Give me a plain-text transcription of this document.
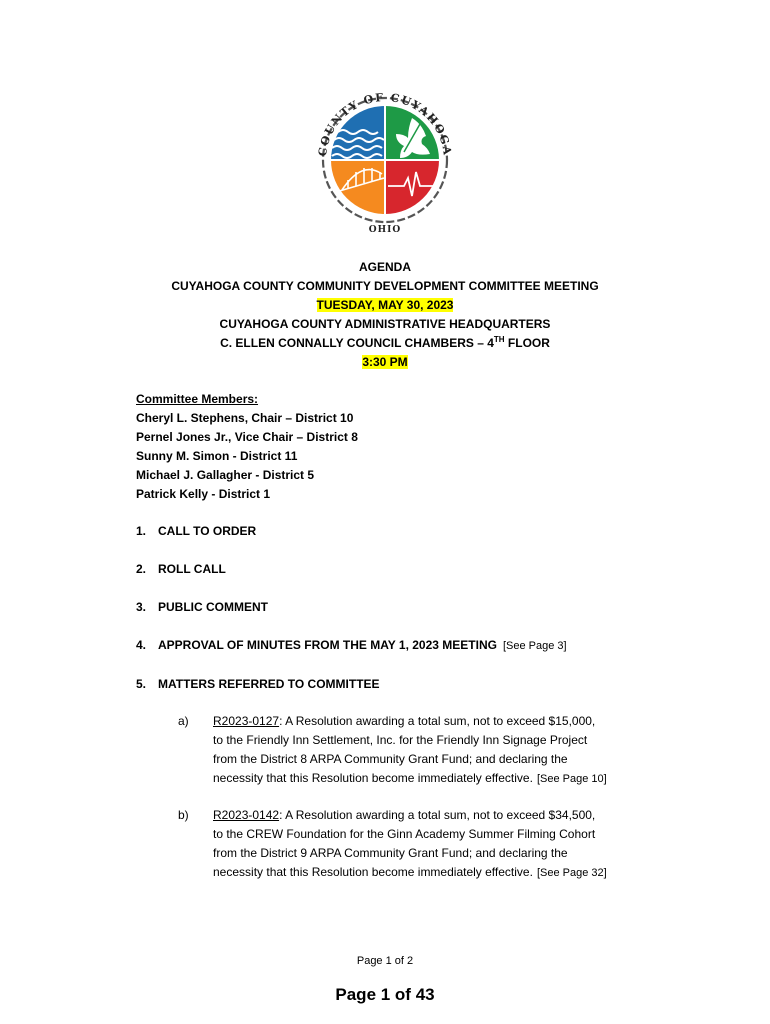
COUNTY OF CUYAHOGA
OHIO
AGENDA
CUYAHOGA COUNTY COMMUNITY DEVELOPMENT COMMITTEE MEETING
TUESDAY, MAY 30, 2023
CUYAHOGA COUNTY ADMINISTRATIVE HEADQUARTERS
C. ELLEN CONNALLY COUNCIL CHAMBERS – 4TH FLOOR
3:30 PM
Committee Members:
Cheryl L. Stephens, Chair – District 10
Pernel Jones Jr., Vice Chair – District 8
Sunny M. Simon - District 11
Michael J. Gallagher - District 5
Patrick Kelly - District 1
1. CALL TO ORDER
2. ROLL CALL
3. PUBLIC COMMENT
4. APPROVAL OF MINUTES FROM THE MAY 1, 2023 MEETING [See Page 3]
5. MATTERS REFERRED TO COMMITTEE
a) R2023-0127: A Resolution awarding a total sum, not to exceed $15,000,
to the Friendly Inn Settlement, Inc. for the Friendly Inn Signage Project
from the District 8 ARPA Community Grant Fund; and declaring the
necessity that this Resolution become immediately effective. [See Page 10]
b) R2023-0142: A Resolution awarding a total sum, not to exceed $34,500,
to the CREW Foundation for the Ginn Academy Summer Filming Cohort
from the District 9 ARPA Community Grant Fund; and declaring the
necessity that this Resolution become immediately effective. [See Page 32]
Page 1 of 2
Page 1 of 43
